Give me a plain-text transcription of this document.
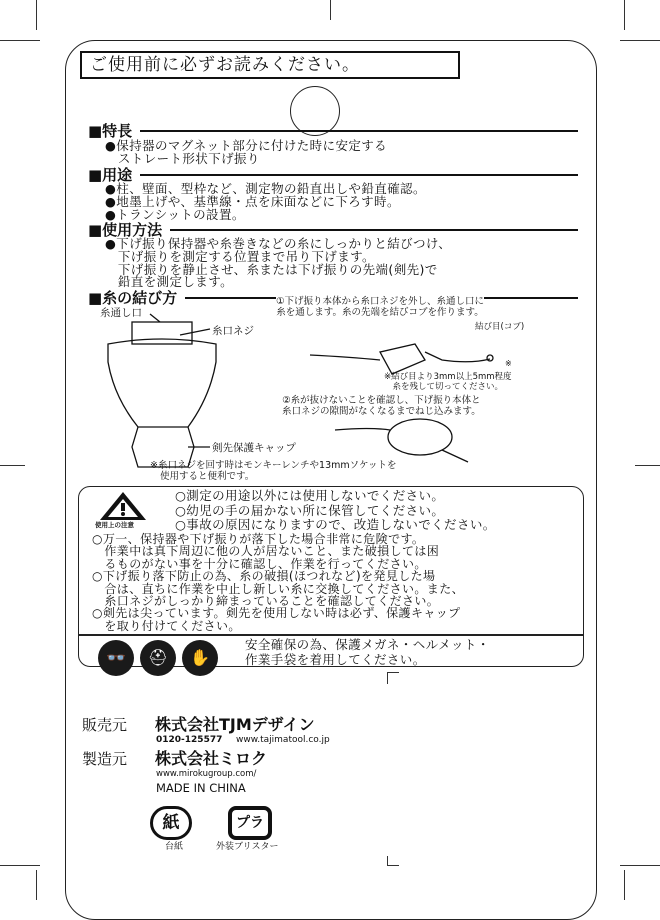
ご使用前に必ずお読みください。
■特長
●保持器のマグネット部分に付けた時に安定する
　ストレート形状下げ振り
■用途
●柱、壁面、型枠など、測定物の鉛直出しや鉛直確認。
●地墨上げや、基準線・点を床面などに下ろす時。
●トランシットの設置。
■使用方法
●下げ振り保持器や糸巻きなどの糸にしっかりと結びつけ、
　下げ振りを測定する位置まで吊り下げます。
　下げ振りを静止させ、糸または下げ振りの先端(剣先)で
　鉛直を測定します。
■糸の結び方
糸通し口
糸口ネジ
剣先保護キャップ
①下げ振り本体から糸口ネジを外し、糸通し口に
糸を通します。糸の先端を結びコブを作ります。
結び目(コブ)
※
※結び目より3mm以上5mm程度
糸を残して切ってください。
②糸が抜けないことを確認し、下げ振り本体と
糸口ネジの隙間がなくなるまでねじ込みます。
※糸口ネジを回す時はモンキーレンチや13mmソケットを
使用すると便利です。
使用上の注意
○測定の用途以外には使用しないでください。
○幼児の手の届かない所に保管してください。
○事故の原因になりますので、改造しないでください。
○万一、保持器や下げ振りが落下した場合非常に危険です。
　作業中は真下周辺に他の人が居ないこと、また破損しては困
　るものがない事を十分に確認し、作業を行ってください。
○下げ振り落下防止の為、糸の破損(ほつれなど)を発見した場
　合は、直ちに作業を中止し新しい糸に交換してください。また、
　糸口ネジがしっかり締まっていることを確認してください。
○剣先は尖っています。剣先を使用しない時は必ず、保護キャップ
　を取り付けてください。
👓	⛑	✋
安全確保の為、保護メガネ・ヘルメット・
作業手袋を着用してください。
販売元 株式会社TJMデザイン
0120-125577 www.tajimatool.co.jp
製造元 株式会社ミロク
www.mirokugroup.com/
MADE IN CHINA
紙
台紙
プラ
外装ブリスター
